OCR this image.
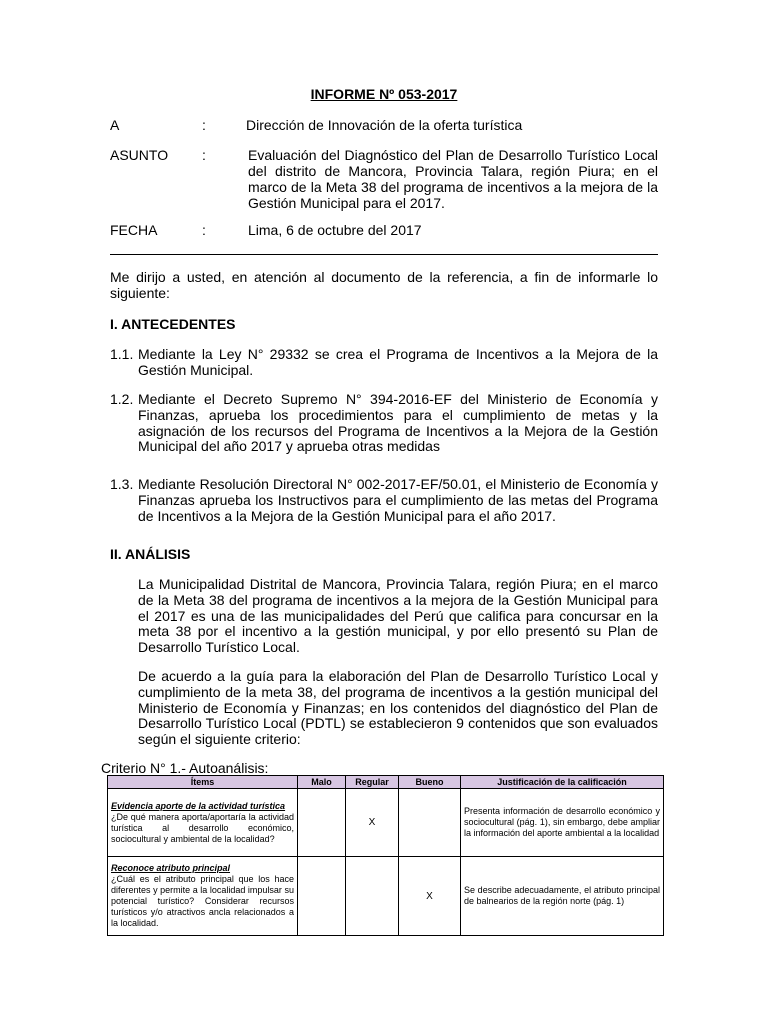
INFORME Nº 053-2017
A	:	Dirección de Innovación de la oferta turística
ASUNTO	:	Evaluación del Diagnóstico del Plan de Desarrollo Turístico Local del distrito de Mancora, Provincia Talara, región Piura; en el marco de la Meta 38 del programa de incentivos a la mejora de la Gestión Municipal para el 2017.
FECHA	:	Lima, 6 de octubre del 2017
Me dirijo a usted, en atención al documento de la referencia, a fin de informarle lo siguiente:
I. ANTECEDENTES
1.1. Mediante la Ley N° 29332 se crea el Programa de Incentivos a la Mejora de la Gestión Municipal.
1.2. Mediante el Decreto Supremo N° 394-2016-EF del Ministerio de Economía y Finanzas, aprueba los procedimientos para el cumplimiento de metas y la asignación de los recursos del Programa de Incentivos a la Mejora de la Gestión Municipal del año 2017 y aprueba otras medidas
1.3. Mediante Resolución Directoral N° 002-2017-EF/50.01, el Ministerio de Economía y Finanzas aprueba los Instructivos para el cumplimiento de las metas del Programa de Incentivos a la Mejora de la Gestión Municipal para el año 2017.
II. ANÁLISIS
La Municipalidad Distrital de Mancora, Provincia Talara, región Piura; en el marco de la Meta 38 del programa de incentivos a la mejora de la Gestión Municipal para el 2017 es una de las municipalidades del Perú que califica para concursar en la meta 38 por el incentivo a la gestión municipal, y por ello presentó su Plan de Desarrollo Turístico Local.
De acuerdo a la guía para la elaboración del Plan de Desarrollo Turístico Local y cumplimiento de la meta 38, del programa de incentivos a la gestión municipal del Ministerio de Economía y Finanzas; en los contenidos del diagnóstico del Plan de Desarrollo Turístico Local (PDTL) se establecieron 9 contenidos que son evaluados según el siguiente criterio:
Criterio N° 1.- Autoanálisis:
Ítems	Malo	Regular	Bueno	Justificación de la calificación

Evidencia aporte de la actividad turística
¿De qué manera aporta/aportaría la actividad turística al desarrollo económico, sociocultural y ambiental de la localidad?		X		Presenta información de desarrollo económico y sociocultural (pág. 1), sin embargo, debe ampliar la información del aporte ambiental a la localidad

Reconoce atributo principal
¿Cuál es el atributo principal que los hace diferentes y permite a la localidad impulsar su potencial turístico? Considerar recursos turísticos y/o atractivos ancla relacionados a la localidad.			X	Se describe adecuadamente, el atributo principal de balnearios de la región norte (pág. 1)
